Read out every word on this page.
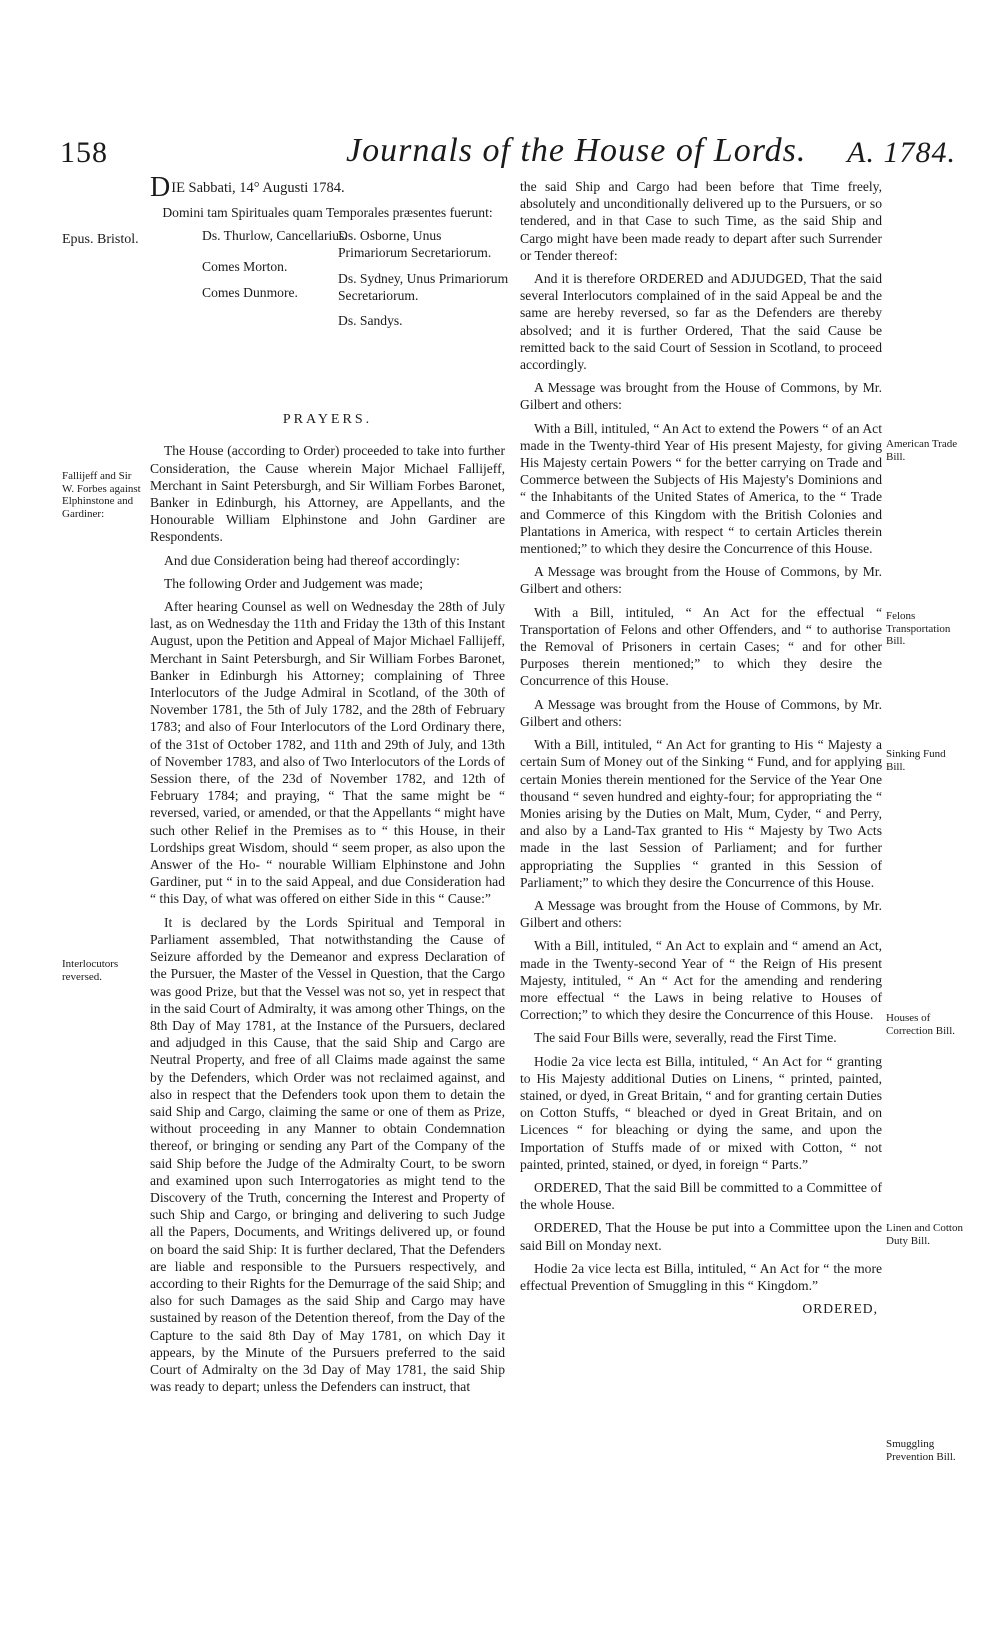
158	Journals of the House of Lords. A. 1784.
Fallijeff and Sir W. Forbes against Elphinstone and Gardiner:
Interlocutors reversed.
American Trade Bill.
Felons Transportation Bill.
Sinking Fund Bill.
Houses of Correction Bill.
Linen and Cotton Duty Bill.
Smuggling Prevention Bill.

DIE Sabbati, 14° Augusti 1784.

Domini tam Spirituales quam Temporales præsentes fuerunt:

Epus. Bristol.	Ds. Thurlow, Cancellarius.
Comes Morton.
Comes Dunmore.
Ds. Osborne, Unus Primariorum Secretariorum.
Ds. Sydney, Unus Primariorum Secretariorum.
Ds. Sandys.
PRAYERS.

The House (according to Order) proceeded to take into further Consideration, the Cause wherein Major Michael Fallijeff, Merchant in Saint Petersburgh, and Sir William Forbes Baronet, Banker in Edinburgh, his Attorney, are Appellants, and the Honourable William Elphinstone and John Gardiner are Respondents.

And due Consideration being had thereof accordingly:

The following Order and Judgement was made;

After hearing Counsel as well on Wednesday the 28th of July last, as on Wednesday the 11th and Friday the 13th of this Instant August, upon the Petition and Appeal of Major Michael Fallijeff, Merchant in Saint Petersburgh, and Sir William Forbes Baronet, Banker in Edinburgh his Attorney; complaining of Three Interlocutors of the Judge Admiral in Scotland, of the 30th of November 1781, the 5th of July 1782, and the 28th of February 1783; and also of Four Interlocutors of the Lord Ordinary there, of the 31st of October 1782, and 11th and 29th of July, and 13th of November 1783, and also of Two Interlocutors of the Lords of Session there, of the 23d of November 1782, and 12th of February 1784; and praying, “ That the same might be “ reversed, varied, or amended, or that the Appellants “ might have such other Relief in the Premises as to “ this House, in their Lordships great Wisdom, should “ seem proper, as also upon the Answer of the Ho- “ nourable William Elphinstone and John Gardiner, put “ in to the said Appeal, and due Consideration had “ this Day, of what was offered on either Side in this “ Cause:”

It is declared by the Lords Spiritual and Temporal in Parliament assembled, That notwithstanding the Cause of Seizure afforded by the Demeanor and express Declaration of the Pursuer, the Master of the Vessel in Question, that the Cargo was good Prize, but that the Vessel was not so, yet in respect that in the said Court of Admiralty, it was among other Things, on the 8th Day of May 1781, at the Instance of the Pursuers, declared and adjudged in this Cause, that the said Ship and Cargo are Neutral Property, and free of all Claims made against the same by the Defenders, which Order was not reclaimed against, and also in respect that the Defenders took upon them to detain the said Ship and Cargo, claiming the same or one of them as Prize, without proceeding in any Manner to obtain Condemnation thereof, or bringing or sending any Part of the Company of the said Ship before the Judge of the Admiralty Court, to be sworn and examined upon such Interrogatories as might tend to the Discovery of the Truth, concerning the Interest and Property of such Ship and Cargo, or bringing and delivering to such Judge all the Papers, Documents, and Writings delivered up, or found on board the said Ship: It is further declared, That the Defenders are liable and responsible to the Pursuers respectively, and according to their Rights for the Demurrage of the said Ship; and also for such Damages as the said Ship and Cargo may have sustained by reason of the Detention thereof, from the Day of the Capture to the said 8th Day of May 1781, on which Day it appears, by the Minute of the Pursuers preferred to the said Court of Admiralty on the 3d Day of May 1781, the said Ship was ready to depart; unless the Defenders can instruct, that

the said Ship and Cargo had been before that Time freely, absolutely and unconditionally delivered up to the Pursuers, or so tendered, and in that Case to such Time, as the said Ship and Cargo might have been made ready to depart after such Surrender or Tender thereof:

And it is therefore ORDERED and ADJUDGED, That the said several Interlocutors complained of in the said Appeal be and the same are hereby reversed, so far as the Defenders are thereby absolved; and it is further Ordered, That the said Cause be remitted back to the said Court of Session in Scotland, to proceed accordingly.

A Message was brought from the House of Commons, by Mr. Gilbert and others:

With a Bill, intituled, “ An Act to extend the Powers “ of an Act made in the Twenty-third Year of His present Majesty, for giving His Majesty certain Powers “ for the better carrying on Trade and Commerce between the Subjects of His Majesty's Dominions and “ the Inhabitants of the United States of America, to the “ Trade and Commerce of this Kingdom with the British Colonies and Plantations in America, with respect “ to certain Articles therein mentioned;” to which they desire the Concurrence of this House.

A Message was brought from the House of Commons, by Mr. Gilbert and others:

With a Bill, intituled, “ An Act for the effectual “ Transportation of Felons and other Offenders, and “ to authorise the Removal of Prisoners in certain Cases; “ and for other Purposes therein mentioned;” to which they desire the Concurrence of this House.

A Message was brought from the House of Commons, by Mr. Gilbert and others:

With a Bill, intituled, “ An Act for granting to His “ Majesty a certain Sum of Money out of the Sinking “ Fund, and for applying certain Monies therein mentioned for the Service of the Year One thousand “ seven hundred and eighty-four; for appropriating the “ Monies arising by the Duties on Malt, Mum, Cyder, “ and Perry, and also by a Land-Tax granted to His “ Majesty by Two Acts made in the last Session of Parliament; and for further appropriating the Supplies “ granted in this Session of Parliament;” to which they desire the Concurrence of this House.

A Message was brought from the House of Commons, by Mr. Gilbert and others:

With a Bill, intituled, “ An Act to explain and “ amend an Act, made in the Twenty-second Year of “ the Reign of His present Majesty, intituled, “ An “ Act for the amending and rendering more effectual “ the Laws in being relative to Houses of Correction;” to which they desire the Concurrence of this House.

The said Four Bills were, severally, read the First Time.

Hodie 2a vice lecta est Billa, intituled, “ An Act for “ granting to His Majesty additional Duties on Linens, “ printed, painted, stained, or dyed, in Great Britain, “ and for granting certain Duties on Cotton Stuffs, “ bleached or dyed in Great Britain, and on Licences “ for bleaching or dying the same, and upon the Importation of Stuffs made of or mixed with Cotton, “ not painted, printed, stained, or dyed, in foreign “ Parts.”

ORDERED, That the said Bill be committed to a Committee of the whole House.

ORDERED, That the House be put into a Committee upon the said Bill on Monday next.

Hodie 2a vice lecta est Billa, intituled, “ An Act for “ the more effectual Prevention of Smuggling in this “ Kingdom.”

ORDERED,
